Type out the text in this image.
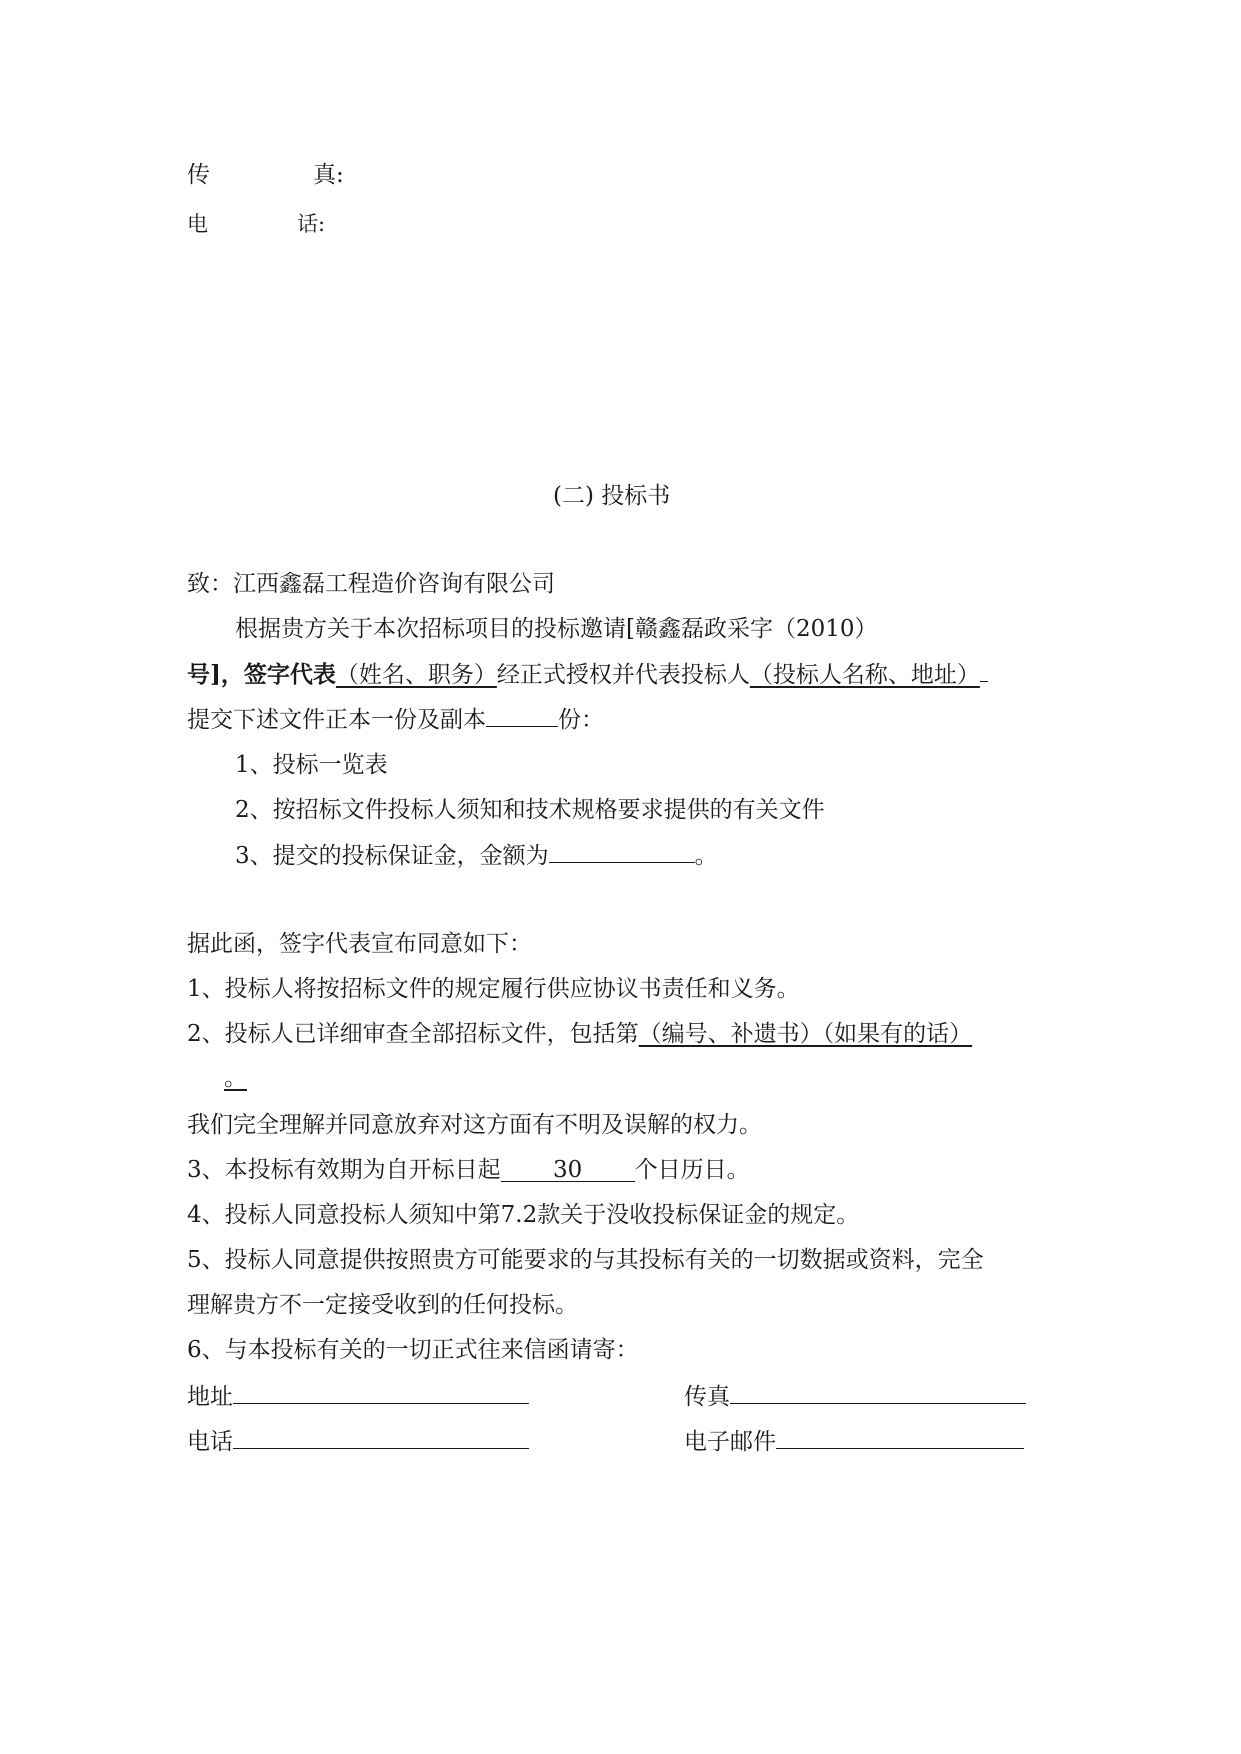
传	真:
电	话:
(二) 投标书
致：江西鑫磊工程造价咨询有限公司
根据贵方关于本次招标项目的投标邀请[赣鑫磊政采字（2010）
号]，签字代表（姓名、职务）经正式授权并代表投标人（投标人名称、地址）
提交下述文件正本一份及副本	份：
1、投标一览表
2、按招标文件投标人须知和技术规格要求提供的有关文件
3、提交的投标保证金，金额为	。
据此函，签字代表宣布同意如下：
1、投标人将按招标文件的规定履行供应协议书责任和义务。
2、投标人已详细审查全部招标文件，包括第（编号、补遗书）（如果有的话）
。
我们完全理解并同意放弃对这方面有不明及误解的权力。
3、本投标有效期为自开标日起 30 个日历日。
4、投标人同意投标人须知中第7.2款关于没收投标保证金的规定。
5、投标人同意提供按照贵方可能要求的与其投标有关的一切数据或资料，完全
理解贵方不一定接受收到的任何投标。
6、与本投标有关的一切正式往来信函请寄：
地址	传真
电话	电子邮件
